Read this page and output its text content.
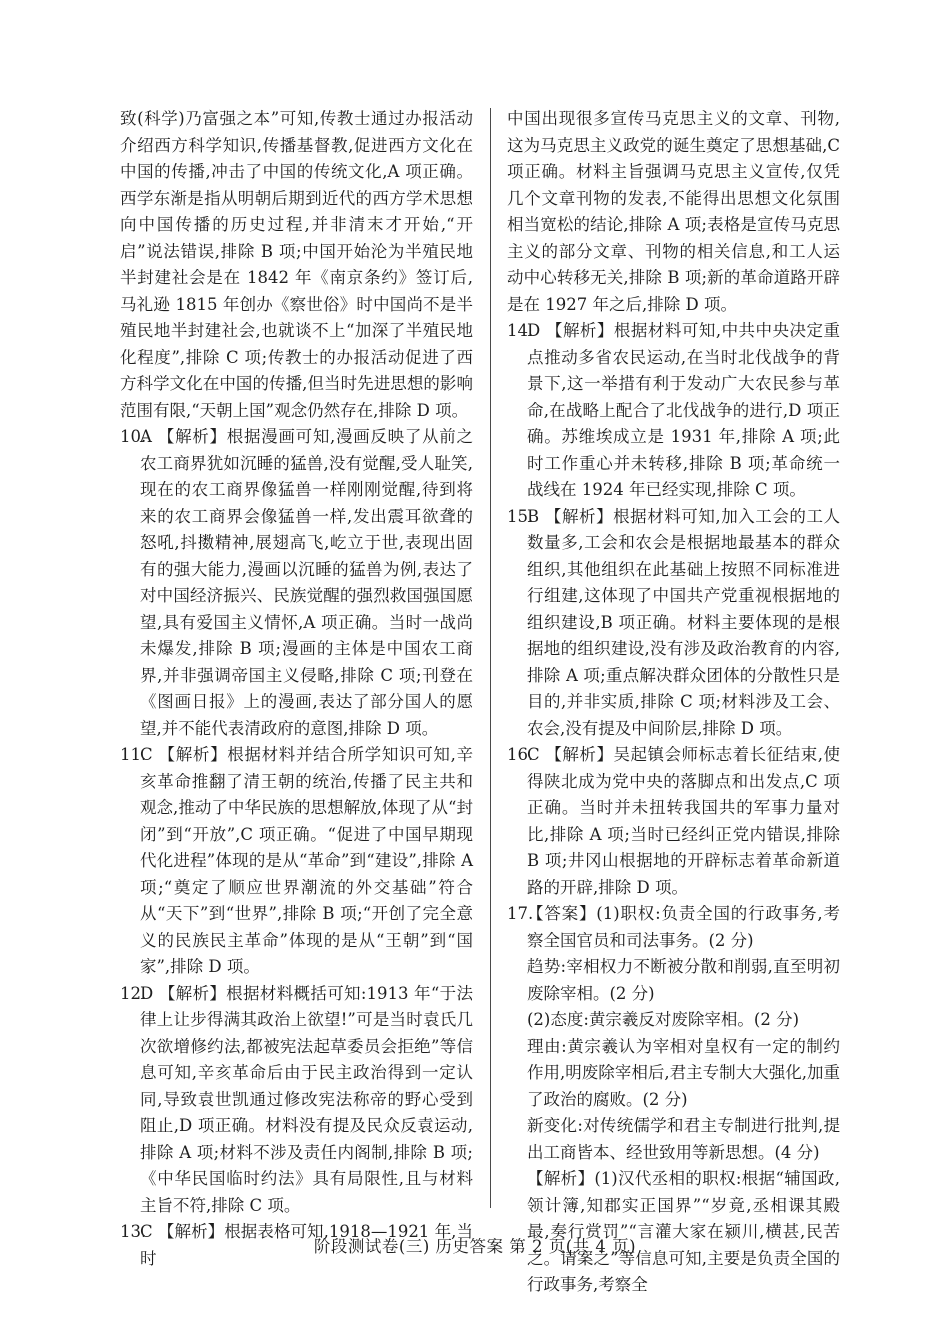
致(科学)乃富强之本”可知,传教士通过办报活动介绍西方科学知识,传播基督教,促进西方文化在中国的传播,冲击了中国的传统文化,A 项正确。西学东渐是指从明朝后期到近代的西方学术思想向中国传播的历史过程,并非清末才开始,“开启”说法错误,排除 B 项;中国开始沦为半殖民地半封建社会是在 1842 年《南京条约》签订后,马礼逊 1815 年创办《察世俗》时中国尚不是半殖民地半封建社会,也就谈不上“加深了半殖民地化程度”,排除 C 项;传教士的办报活动促进了西方科学文化在中国的传播,但当时先进思想的影响范围有限,“天朝上国”观念仍然存在,排除 D 项。

10.
A 【解析】根据漫画可知,漫画反映了从前之农工商界犹如沉睡的猛兽,没有觉醒,受人耻笑,现在的农工商界像猛兽一样刚刚觉醒,待到将来的农工商界会像猛兽一样,发出震耳欲聋的怒吼,抖擞精神,展翅高飞,屹立于世,表现出固有的强大能力,漫画以沉睡的猛兽为例,表达了对中国经济振兴、民族觉醒的强烈救国强国愿望,具有爱国主义情怀,A 项正确。当时一战尚未爆发,排除 B 项;漫画的主体是中国农工商界,并非强调帝国主义侵略,排除 C 项;刊登在《图画日报》上的漫画,表达了部分国人的愿望,并不能代表清政府的意图,排除 D 项。
11.
C 【解析】根据材料并结合所学知识可知,辛亥革命推翻了清王朝的统治,传播了民主共和观念,推动了中华民族的思想解放,体现了从“封闭”到“开放”,C 项正确。“促进了中国早期现代化进程”体现的是从“革命”到“建设”,排除 A 项;“奠定了顺应世界潮流的外交基础”符合从“天下”到“世界”,排除 B 项;“开创了完全意义的民族民主革命”体现的是从“王朝”到“国家”,排除 D 项。
12.
D 【解析】根据材料概括可知:1913 年“于法律上让步得满其政治上欲望!”可是当时袁氏几次欲增修约法,都被宪法起草委员会拒绝”等信息可知,辛亥革命后由于民主政治得到一定认同,导致袁世凯通过修改宪法称帝的野心受到阻止,D 项正确。材料没有提及民众反袁运动,排除 A 项;材料不涉及责任内阁制,排除 B 项;《中华民国临时约法》具有局限性,且与材料主旨不符,排除 C 项。
13.
C 【解析】根据表格可知,1918—1921 年,当时

中国出现很多宣传马克思主义的文章、刊物,这为马克思主义政党的诞生奠定了思想基础,C 项正确。材料主旨强调马克思主义宣传,仅凭几个文章刊物的发表,不能得出思想文化氛围相当宽松的结论,排除 A 项;表格是宣传马克思主义的部分文章、刊物的相关信息,和工人运动中心转移无关,排除 B 项;新的革命道路开辟是在 1927 年之后,排除 D 项。

14.
D 【解析】根据材料可知,中共中央决定重点推动多省农民运动,在当时北伐战争的背景下,这一举措有利于发动广大农民参与革命,在战略上配合了北伐战争的进行,D 项正确。苏维埃成立是 1931 年,排除 A 项;此时工作重心并未转移,排除 B 项;革命统一战线在 1924 年已经实现,排除 C 项。
15.
B 【解析】根据材料可知,加入工会的工人数量多,工会和农会是根据地最基本的群众组织,其他组织在此基础上按照不同标准进行组建,这体现了中国共产党重视根据地的组织建设,B 项正确。材料主要体现的是根据地的组织建设,没有涉及政治教育的内容,排除 A 项;重点解决群众团体的分散性只是目的,并非实质,排除 C 项;材料涉及工会、农会,没有提及中间阶层,排除 D 项。
16.
C 【解析】吴起镇会师标志着长征结束,使得陕北成为党中央的落脚点和出发点,C 项正确。当时并未扭转我国共的军事力量对比,排除 A 项;当时已经纠正党内错误,排除 B 项;井冈山根据地的开辟标志着革命新道路的开辟,排除 D 项。
17.
【答案】(1)职权:负责全国的行政事务,考察全国官员和司法事务。(2 分)

趋势:宰相权力不断被分散和削弱,直至明初废除宰相。(2 分)

(2)态度:黄宗羲反对废除宰相。(2 分)

理由:黄宗羲认为宰相对皇权有一定的制约作用,明废除宰相后,君主专制大大强化,加重了政治的腐败。(2 分)

新变化:对传统儒学和君主专制进行批判,提出工商皆本、经世致用等新思想。(4 分)

【解析】(1)汉代丞相的职权:根据“辅国政,领计簿,知郡实正国界”“岁竟,丞相课其殿最,奏行赏罚”“言灌大家在颍川,横甚,民苦之。请案之”等信息可知,主要是负责全国的行政事务,考察全

阶段测试卷(三) 历史答案 第 2 页(共 4 页)
